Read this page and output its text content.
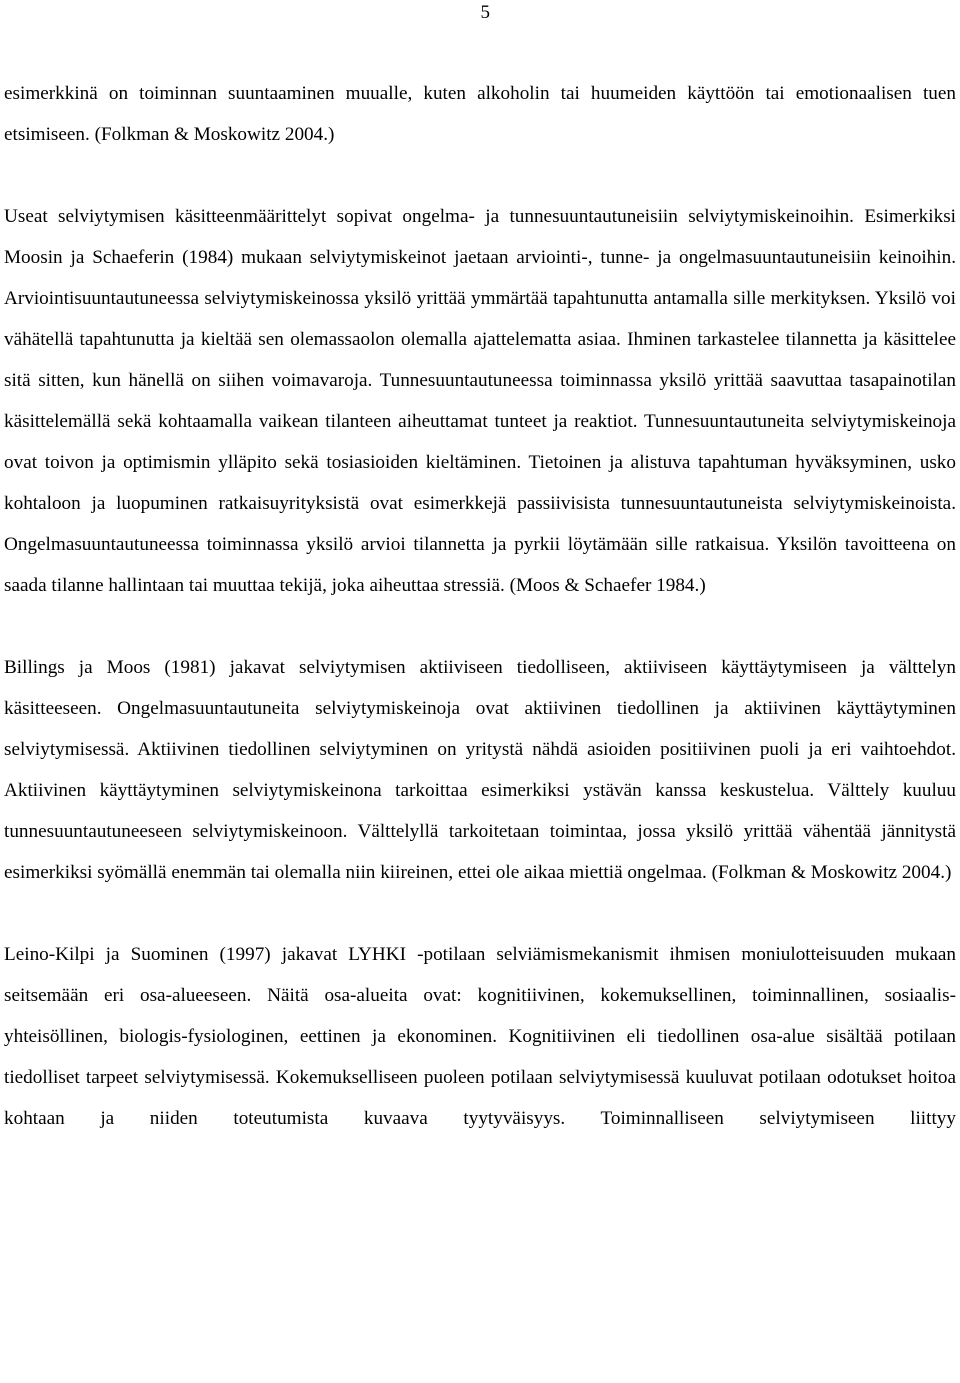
5

esimerkkinä on toiminnan suuntaaminen muualle, kuten alkoholin tai huumeiden käyttöön tai emotionaalisen tuen etsimiseen. (Folkman & Moskowitz 2004.)

Useat selviytymisen käsitteenmäärittelyt sopivat ongelma- ja tunnesuuntautuneisiin selviytymiskeinoihin. Esimerkiksi Moosin ja Schaeferin (1984) mukaan selviytymiskeinot jaetaan arviointi-, tunne- ja ongelmasuuntautuneisiin keinoihin. Arviointisuuntautuneessa selviytymiskeinossa yksilö yrittää ymmärtää tapahtunutta antamalla sille merkityksen. Yksilö voi vähätellä tapahtunutta ja kieltää sen olemassaolon olemalla ajattelematta asiaa. Ihminen tarkastelee tilannetta ja käsittelee sitä sitten, kun hänellä on siihen voimavaroja. Tunnesuuntautuneessa toiminnassa yksilö yrittää saavuttaa tasapainotilan käsittelemällä sekä kohtaamalla vaikean tilanteen aiheuttamat tunteet ja reaktiot. Tunnesuuntautuneita selviytymiskeinoja ovat toivon ja optimismin ylläpito sekä tosiasioiden kieltäminen. Tietoinen ja alistuva tapahtuman hyväksyminen, usko kohtaloon ja luopuminen ratkaisuyrityksistä ovat esimerkkejä passiivisista tunnesuuntautuneista selviytymiskeinoista. Ongelmasuuntautuneessa toiminnassa yksilö arvioi tilannetta ja pyrkii löytämään sille ratkaisua. Yksilön tavoitteena on saada tilanne hallintaan tai muuttaa tekijä, joka aiheuttaa stressiä. (Moos & Schaefer 1984.)

Billings ja Moos (1981) jakavat selviytymisen aktiiviseen tiedolliseen, aktiiviseen käyttäytymiseen ja välttelyn käsitteeseen. Ongelmasuuntautuneita selviytymiskeinoja ovat aktiivinen tiedollinen ja aktiivinen käyttäytyminen selviytymisessä. Aktiivinen tiedollinen selviytyminen on yritystä nähdä asioiden positiivinen puoli ja eri vaihtoehdot. Aktiivinen käyttäytyminen selviytymiskeinona tarkoittaa esimerkiksi ystävän kanssa keskustelua. Välttely kuuluu tunnesuuntautuneeseen selviytymiskeinoon. Välttelyllä tarkoitetaan toimintaa, jossa yksilö yrittää vähentää jännitystä esimerkiksi syömällä enemmän tai olemalla niin kiireinen, ettei ole aikaa miettiä ongelmaa. (Folkman & Moskowitz 2004.)

Leino-Kilpi ja Suominen (1997) jakavat LYHKI -potilaan selviämismekanismit ihmisen moniulotteisuuden mukaan seitsemään eri osa-alueeseen. Näitä osa-alueita ovat: kognitiivinen, kokemuksellinen, toiminnallinen, sosiaalis-yhteisöllinen, biologis-fysiologinen, eettinen ja ekonominen. Kognitiivinen eli tiedollinen osa-alue sisältää potilaan tiedolliset tarpeet selviytymisessä. Kokemukselliseen puoleen potilaan selviytymisessä kuuluvat potilaan odotukset hoitoa kohtaan ja niiden toteutumista kuvaava tyytyväisyys. Toiminnalliseen selviytymiseen liittyy
